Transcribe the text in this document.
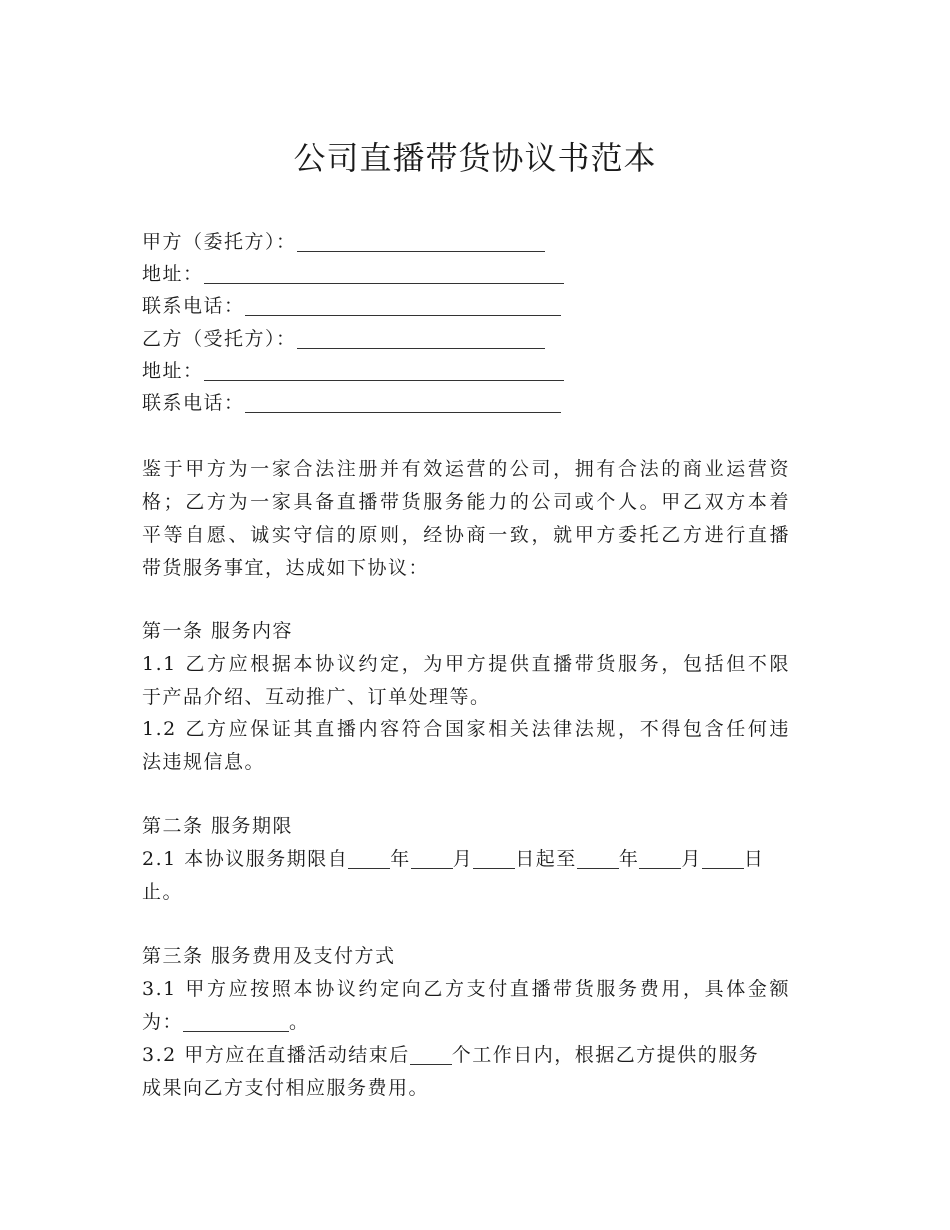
公司直播带货协议书范本
甲方（委托方）：
地址：
联系电话：
乙方（受托方）：
地址：
联系电话：
鉴于甲方为一家合法注册并有效运营的公司，拥有合法的商业运营资
格；乙方为一家具备直播带货服务能力的公司或个人。甲乙双方本着
平等自愿、诚实守信的原则，经协商一致，就甲方委托乙方进行直播
带货服务事宜，达成如下协议：
第一条 服务内容
1.1 乙方应根据本协议约定，为甲方提供直播带货服务，包括但不限
于产品介绍、互动推广、订单处理等。
1.2 乙方应保证其直播内容符合国家相关法律法规，不得包含任何违
法违规信息。
第二条 服务期限
2.1 本协议服务期限自 年 月 日起至 年 月 日
止。
第三条 服务费用及支付方式
3.1 甲方应按照本协议约定向乙方支付直播带货服务费用，具体金额
为：	。
3.2 甲方应在直播活动结束后 个工作日内，根据乙方提供的服务
成果向乙方支付相应服务费用。
